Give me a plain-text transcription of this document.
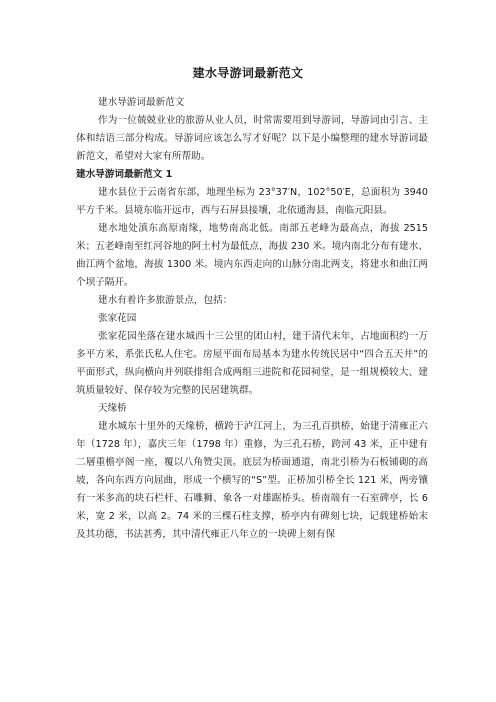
建水导游词最新范文

建水导游词最新范文

作为一位兢兢业业的旅游从业人员，时常需要用到导游词，导游词由引言、主体和结语三部分构成。导游词应该怎么写才好呢？以下是小编整理的建水导游词最新范文，希望对大家有所帮助。

建水导游词最新范文 1

建水县位于云南省东部，地理坐标为 23°37′N，102°50′E，总面积为 3940 平方千米。县境东临开远市，西与石屏县接壤，北依通海县，南临元阳县。

建水地处滇东高原南缘，地势南高北低。南部五老峰为最高点，海拔 2515 米；五老峰南至红河谷地的阿土村为最低点，海拔 230 米。境内南北分布有建水、曲江两个盆地，海拔 1300 米。境内东西走向的山脉分南北两支，将建水和曲江两个坝子隔开。

建水有着许多旅游景点，包括：

张家花园

张家花园坐落在建水城西十三公里的团山村，建于清代末年，占地面积约一万多平方米，系张氏私人住宅。房屋平面布局基本为建水传统民居中“四合五天井”的平面形式，纵向横向并列联排组合成两组三进院和花园祠堂，是一组规模较大、建筑质量较好、保存较为完整的民居建筑群。

天缘桥

建水城东十里外的天缘桥，横跨于泸江河上，为三孔百拱桥，始建于清雍正六年（1728 年），嘉庆三年（1798 年）重修，为三孔石桥，跨河 43 米，正中建有二層重檐亭阁一座，覆以八角赞尖顶。底层为桥面通道，南北引桥为石板铺砌的高坡，各向东西方向屈曲，形成一个横写的“S”型。正桥加引桥全长 121 米，两旁镶有一米多高的块石栏杆、石雕狮、象各一对雄踞桥头。桥南端有一石室碑亭，长 6 米，宽 2 米，以高 2。74 米的三棵石柱支撑，桥亭内有碑刻七块，记载建桥始末及其功德，书法甚秀，其中清代雍正八年立的一块碑上刻有保
